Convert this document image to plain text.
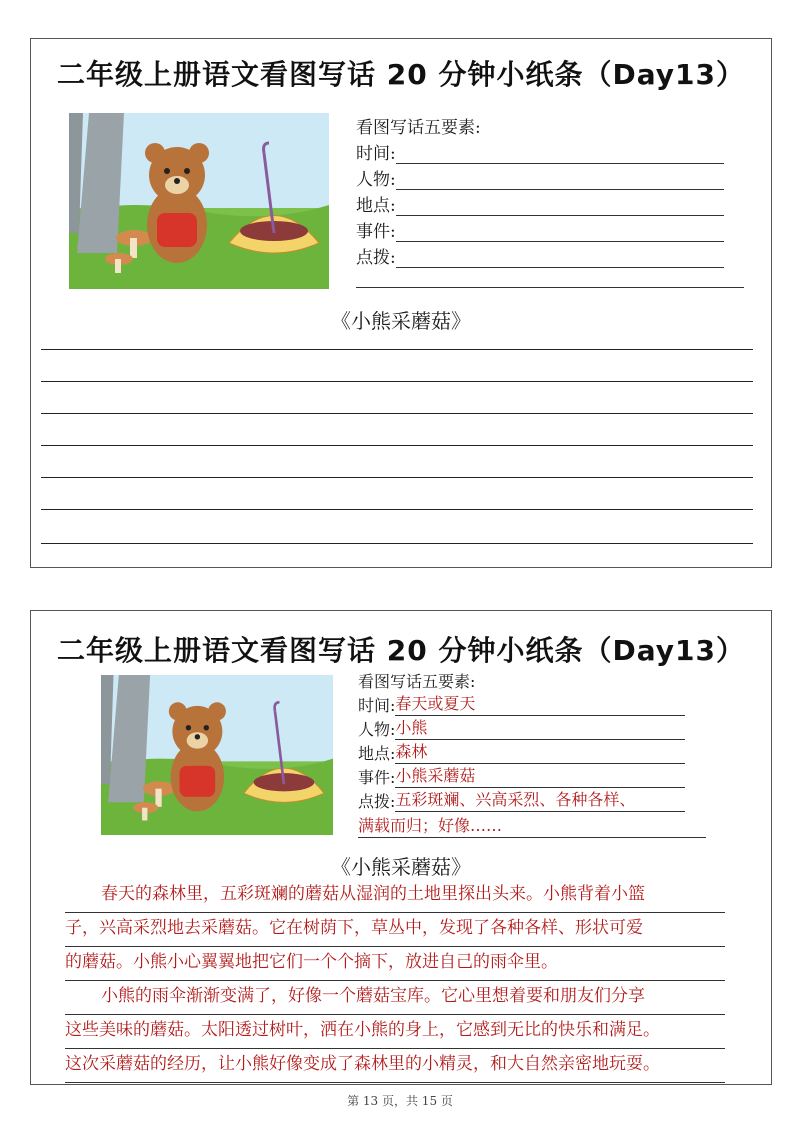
二年级上册语文看图写话 20 分钟小纸条（Day13）
看图写话五要素:
时间:
人物:
地点:
事件:
点拨:
《小熊采蘑菇》
二年级上册语文看图写话 20 分钟小纸条（Day13）
看图写话五要素:
时间: 春天或夏天
人物: 小熊
地点: 森林
事件: 小熊采蘑菇
点拨: 五彩斑斓、兴高采烈、各种各样、
满载而归；好像……
《小熊采蘑菇》

春天的森林里，五彩斑斓的蘑菇从湿润的土地里探出头来。小熊背着小篮

子，兴高采烈地去采蘑菇。它在树荫下，草丛中，发现了各种各样、形状可爱

的蘑菇。小熊小心翼翼地把它们一个个摘下，放进自己的雨伞里。

小熊的雨伞渐渐变满了，好像一个蘑菇宝库。它心里想着要和朋友们分享

这些美味的蘑菇。太阳透过树叶，洒在小熊的身上，它感到无比的快乐和满足。

这次采蘑菇的经历，让小熊好像变成了森林里的小精灵，和大自然亲密地玩耍。

第 13 页，共 15 页
